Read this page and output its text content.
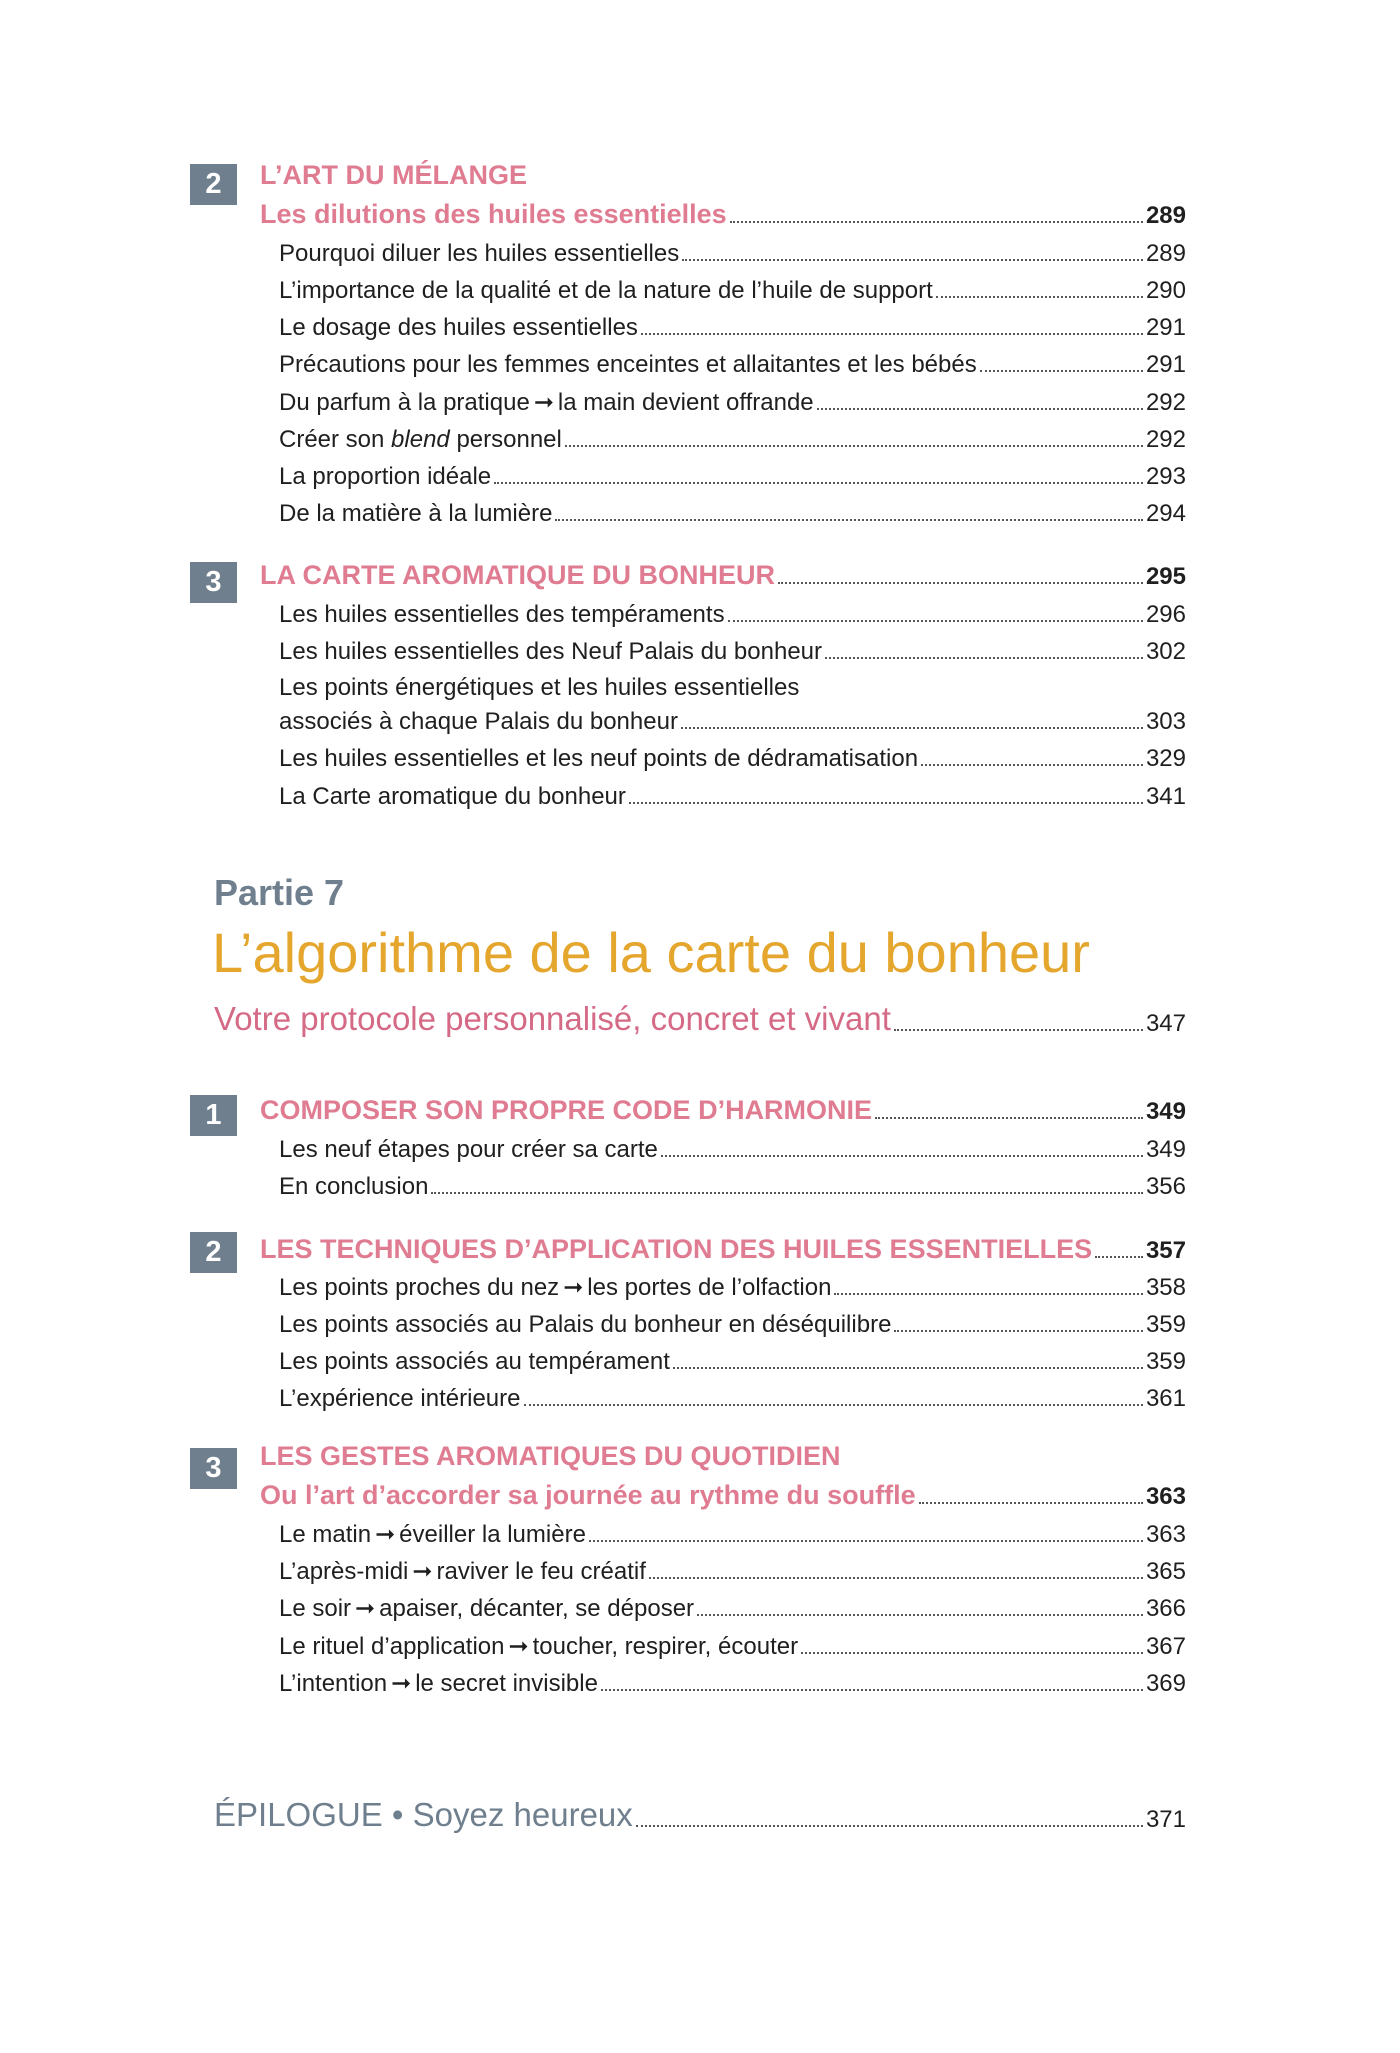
2	L’ART DU MÉLANGE
Les dilutions des huiles essentielles	289
Pourquoi diluer les huiles essentielles	289
L’importance de la qualité et de la nature de l’huile de support	290
Le dosage des huiles essentielles	291
Précautions pour les femmes enceintes et allaitantes et les bébés	291
Du parfum à la pratique ➞ la main devient offrande	292
Créer son blend personnel	292
La proportion idéale	293
De la matière à la lumière	294
3	LA CARTE AROMATIQUE DU BONHEUR	295
Les huiles essentielles des tempéraments	296
Les huiles essentielles des Neuf Palais du bonheur	302
Les points énergétiques et les huiles essentielles
associés à chaque Palais du bonheur	303
Les huiles essentielles et les neuf points de dédramatisation	329
La Carte aromatique du bonheur	341
Partie 7
L’algorithme de la carte du bonheur
Votre protocole personnalisé, concret et vivant	347
1	COMPOSER SON PROPRE CODE D’HARMONIE	349
Les neuf étapes pour créer sa carte	349
En conclusion	356
2	LES TECHNIQUES D’APPLICATION DES HUILES ESSENTIELLES 357
Les points proches du nez ➞ les portes de l’olfaction	358
Les points associés au Palais du bonheur en déséquilibre	359
Les points associés au tempérament	359
L’expérience intérieure	361
3	LES GESTES AROMATIQUES DU QUOTIDIEN
Ou l’art d’accorder sa journée au rythme du souffle	363
Le matin ➞ éveiller la lumière	363
L’après-midi ➞ raviver le feu créatif	365
Le soir ➞ apaiser, décanter, se déposer	366
Le rituel d’application ➞ toucher, respirer, écouter	367
L’intention ➞ le secret invisible	369
ÉPILOGUE • Soyez heureux	371
